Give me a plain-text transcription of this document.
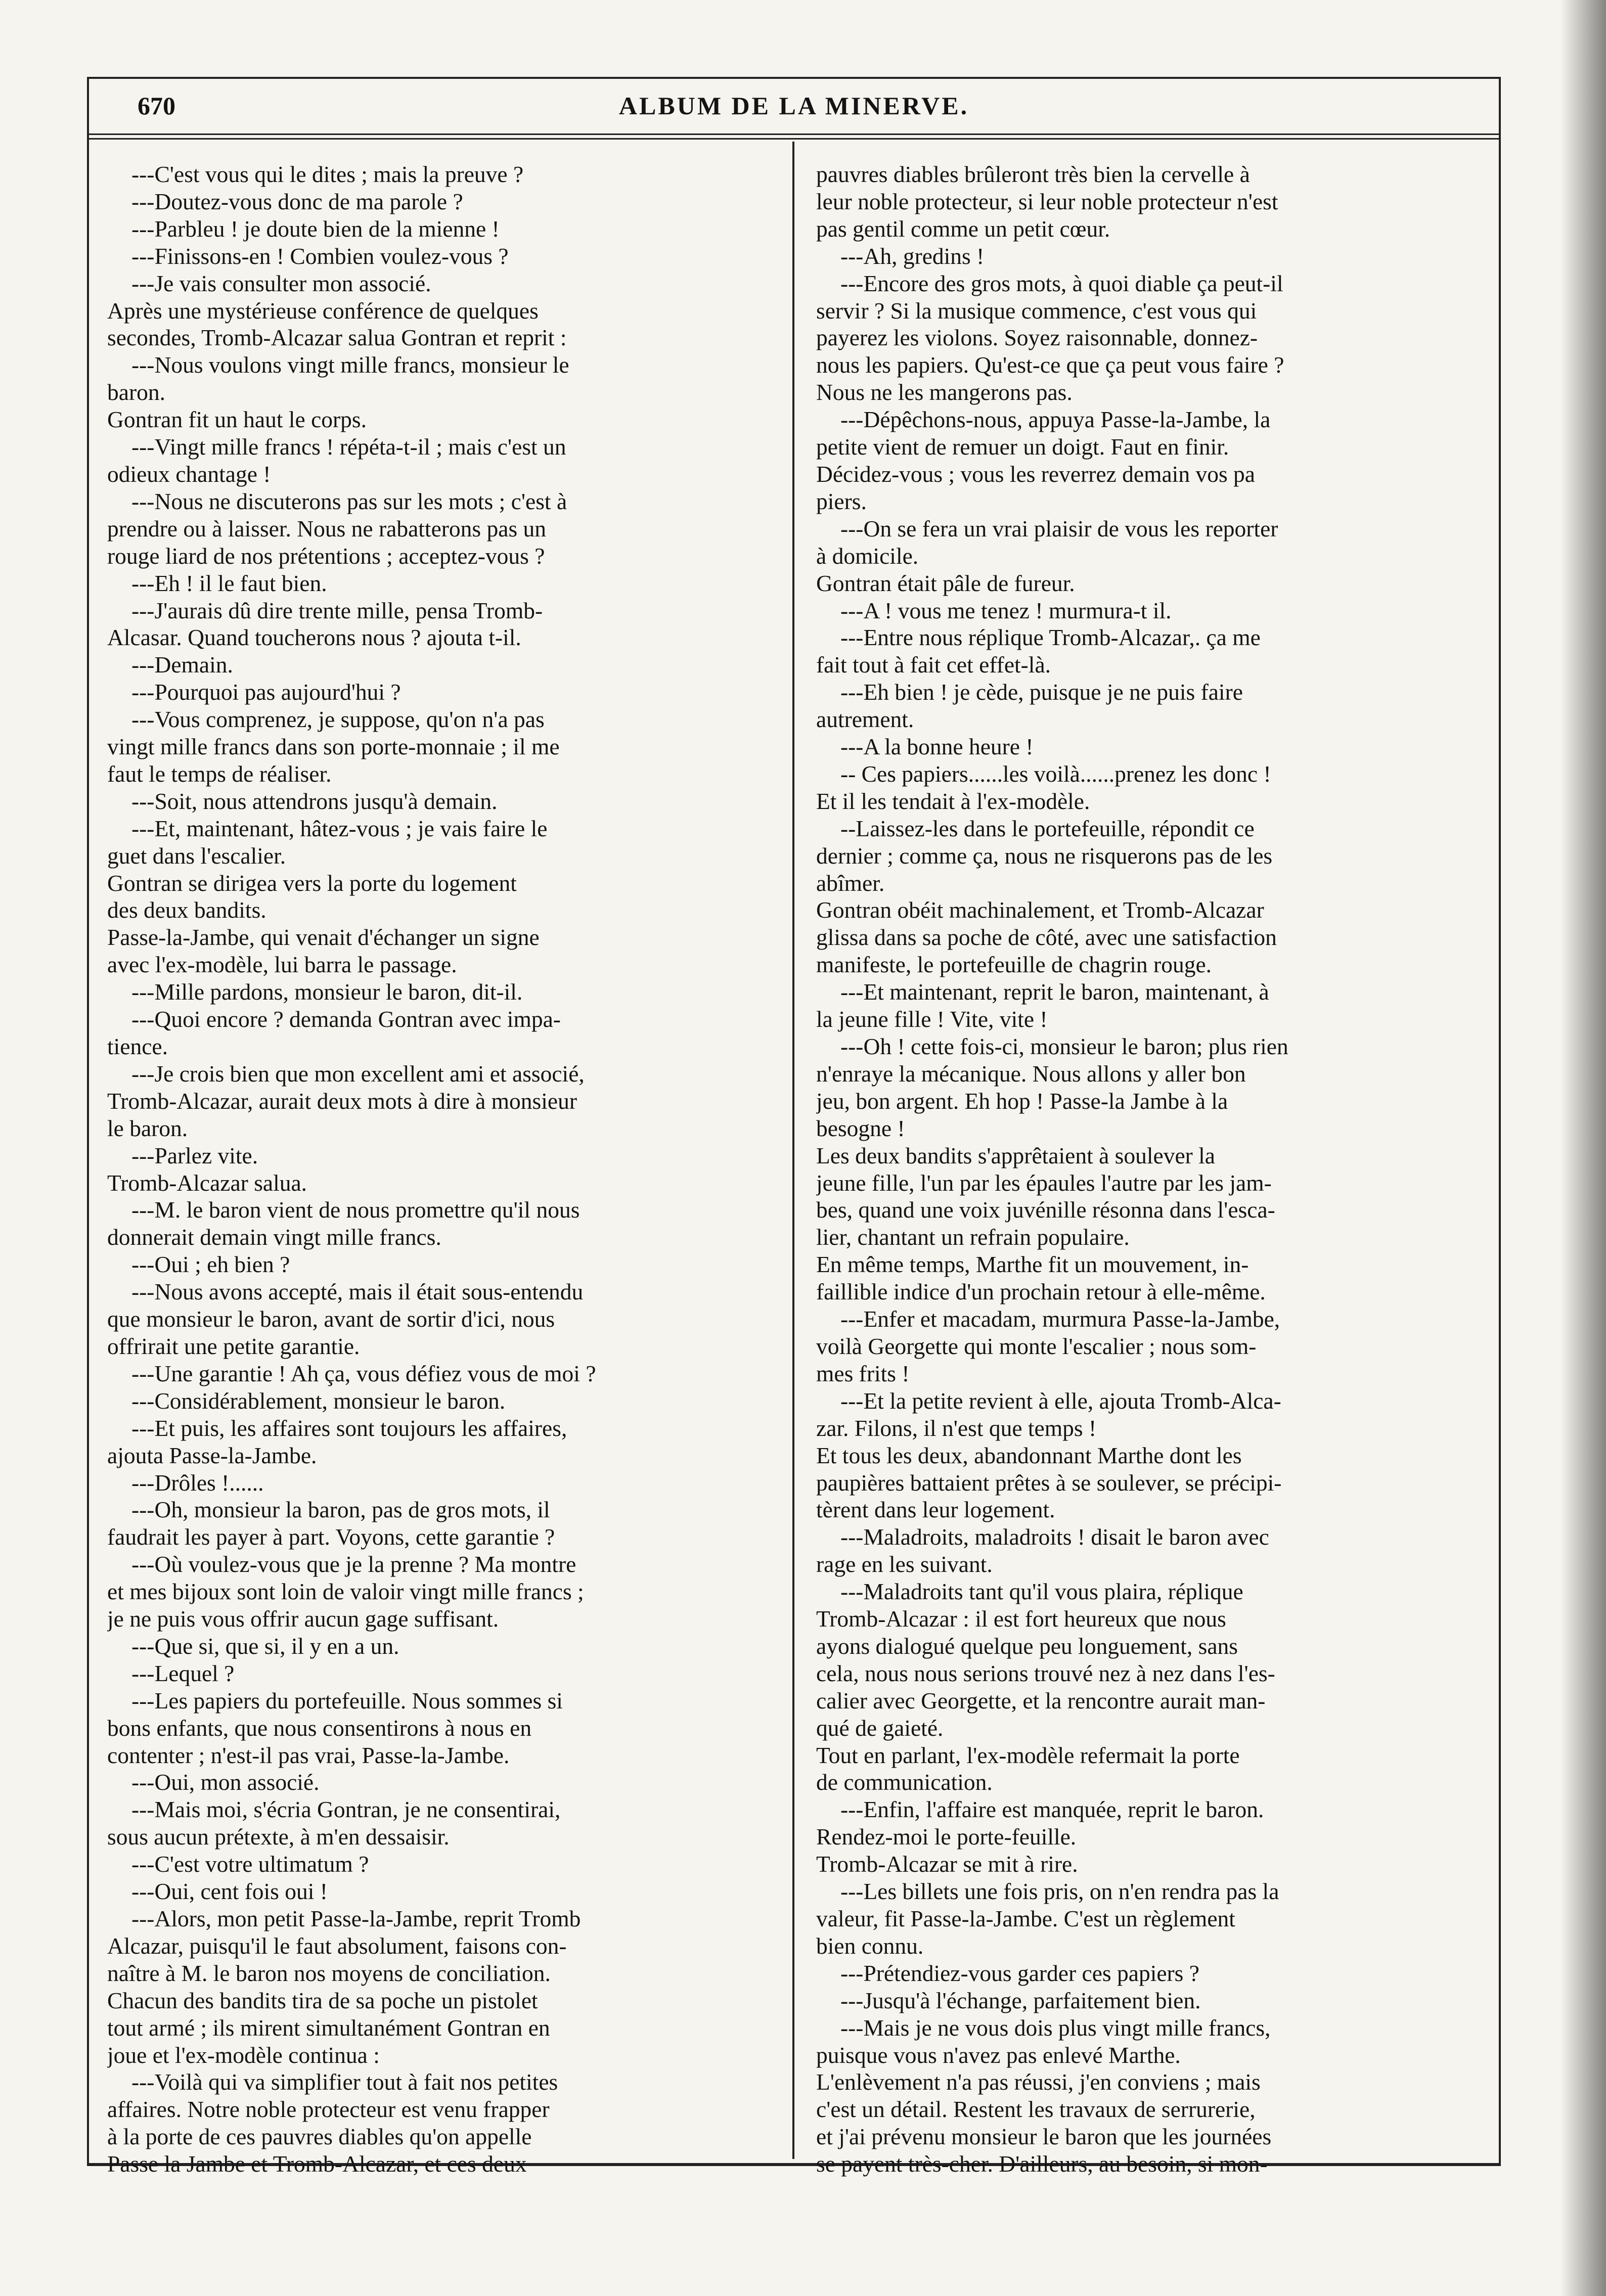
670	ALBUM DE LA MINERVE.
---C'est vous qui le dites ; mais la preuve ?
---Doutez-vous donc de ma parole ?
---Parbleu ! je doute bien de la mienne !
---Finissons-en ! Combien voulez-vous ?
---Je vais consulter mon associé.
Après une mystérieuse conférence de quelques
secondes, Tromb-Alcazar salua Gontran et reprit :
---Nous voulons vingt mille francs, monsieur le
baron.
Gontran fit un haut le corps.
---Vingt mille francs ! répéta-t-il ; mais c'est un
odieux chantage !
---Nous ne discuterons pas sur les mots ; c'est à
prendre ou à laisser. Nous ne rabatterons pas un
rouge liard de nos prétentions ; acceptez-vous ?
---Eh ! il le faut bien.
---J'aurais dû dire trente mille, pensa Tromb-
Alcasar. Quand toucherons nous ? ajouta t-il.
---Demain.
---Pourquoi pas aujourd'hui ?
---Vous comprenez, je suppose, qu'on n'a pas
vingt mille francs dans son porte-monnaie ; il me
faut le temps de réaliser.
---Soit, nous attendrons jusqu'à demain.
---Et, maintenant, hâtez-vous ; je vais faire le
guet dans l'escalier.
Gontran se dirigea vers la porte du logement
des deux bandits.
Passe-la-Jambe, qui venait d'échanger un signe
avec l'ex-modèle, lui barra le passage.
---Mille pardons, monsieur le baron, dit-il.
---Quoi encore ? demanda Gontran avec impa-
tience.
---Je crois bien que mon excellent ami et associé,
Tromb-Alcazar, aurait deux mots à dire à monsieur
le baron.
---Parlez vite.
Tromb-Alcazar salua.
---M. le baron vient de nous promettre qu'il nous
donnerait demain vingt mille francs.
---Oui ; eh bien ?
---Nous avons accepté, mais il était sous-entendu
que monsieur le baron, avant de sortir d'ici, nous
offrirait une petite garantie.
---Une garantie ! Ah ça, vous défiez vous de moi ?
---Considérablement, monsieur le baron.
---Et puis, les affaires sont toujours les affaires,
ajouta Passe-la-Jambe.
---Drôles !......
---Oh, monsieur la baron, pas de gros mots, il
faudrait les payer à part. Voyons, cette garantie ?
---Où voulez-vous que je la prenne ? Ma montre
et mes bijoux sont loin de valoir vingt mille francs ;
je ne puis vous offrir aucun gage suffisant.
---Que si, que si, il y en a un.
---Lequel ?
---Les papiers du portefeuille. Nous sommes si
bons enfants, que nous consentirons à nous en
contenter ; n'est-il pas vrai, Passe-la-Jambe.
---Oui, mon associé.
---Mais moi, s'écria Gontran, je ne consentirai,
sous aucun prétexte, à m'en dessaisir.
---C'est votre ultimatum ?
---Oui, cent fois oui !
---Alors, mon petit Passe-la-Jambe, reprit Tromb
Alcazar, puisqu'il le faut absolument, faisons con-
naître à M. le baron nos moyens de conciliation.
Chacun des bandits tira de sa poche un pistolet
tout armé ; ils mirent simultanément Gontran en
joue et l'ex-modèle continua :
---Voilà qui va simplifier tout à fait nos petites
affaires. Notre noble protecteur est venu frapper
à la porte de ces pauvres diables qu'on appelle
Passe la Jambe et Tromb-Alcazar, et ces deux
pauvres diables brûleront très bien la cervelle à
leur noble protecteur, si leur noble protecteur n'est
pas gentil comme un petit cœur.
---Ah, gredins !
---Encore des gros mots, à quoi diable ça peut-il
servir ? Si la musique commence, c'est vous qui
payerez les violons. Soyez raisonnable, donnez-
nous les papiers. Qu'est-ce que ça peut vous faire ?
Nous ne les mangerons pas.
---Dépêchons-nous, appuya Passe-la-Jambe, la
petite vient de remuer un doigt. Faut en finir.
Décidez-vous ; vous les reverrez demain vos pa
piers.
---On se fera un vrai plaisir de vous les reporter
à domicile.
Gontran était pâle de fureur.
---A ! vous me tenez ! murmura-t il.
---Entre nous réplique Tromb-Alcazar,. ça me
fait tout à fait cet effet-là.
---Eh bien ! je cède, puisque je ne puis faire
autrement.
---A la bonne heure !
-- Ces papiers......les voilà......prenez les donc !
Et il les tendait à l'ex-modèle.
--Laissez-les dans le portefeuille, répondit ce
dernier ; comme ça, nous ne risquerons pas de les
abîmer.
Gontran obéit machinalement, et Tromb-Alcazar
glissa dans sa poche de côté, avec une satisfaction
manifeste, le portefeuille de chagrin rouge.
---Et maintenant, reprit le baron, maintenant, à
la jeune fille ! Vite, vite !
---Oh ! cette fois-ci, monsieur le baron; plus rien
n'enraye la mécanique. Nous allons y aller bon
jeu, bon argent. Eh hop ! Passe-la Jambe à la
besogne !
Les deux bandits s'apprêtaient à soulever la
jeune fille, l'un par les épaules l'autre par les jam-
bes, quand une voix juvénille résonna dans l'esca-
lier, chantant un refrain populaire.
En même temps, Marthe fit un mouvement, in-
faillible indice d'un prochain retour à elle-même.
---Enfer et macadam, murmura Passe-la-Jambe,
voilà Georgette qui monte l'escalier ; nous som-
mes frits !
---Et la petite revient à elle, ajouta Tromb-Alca-
zar. Filons, il n'est que temps !
Et tous les deux, abandonnant Marthe dont les
paupières battaient prêtes à se soulever, se précipi-
tèrent dans leur logement.
---Maladroits, maladroits ! disait le baron avec
rage en les suivant.
---Maladroits tant qu'il vous plaira, réplique
Tromb-Alcazar : il est fort heureux que nous
ayons dialogué quelque peu longuement, sans
cela, nous nous serions trouvé nez à nez dans l'es-
calier avec Georgette, et la rencontre aurait man-
qué de gaieté.
Tout en parlant, l'ex-modèle refermait la porte
de communication.
---Enfin, l'affaire est manquée, reprit le baron.
Rendez-moi le porte-feuille.
Tromb-Alcazar se mit à rire.
---Les billets une fois pris, on n'en rendra pas la
valeur, fit Passe-la-Jambe. C'est un règlement
bien connu.
---Prétendiez-vous garder ces papiers ?
---Jusqu'à l'échange, parfaitement bien.
---Mais je ne vous dois plus vingt mille francs,
puisque vous n'avez pas enlevé Marthe.
L'enlèvement n'a pas réussi, j'en conviens ; mais
c'est un détail. Restent les travaux de serrurerie,
et j'ai prévenu monsieur le baron que les journées
se payent très-cher. D'ailleurs, au besoin, si mon-
